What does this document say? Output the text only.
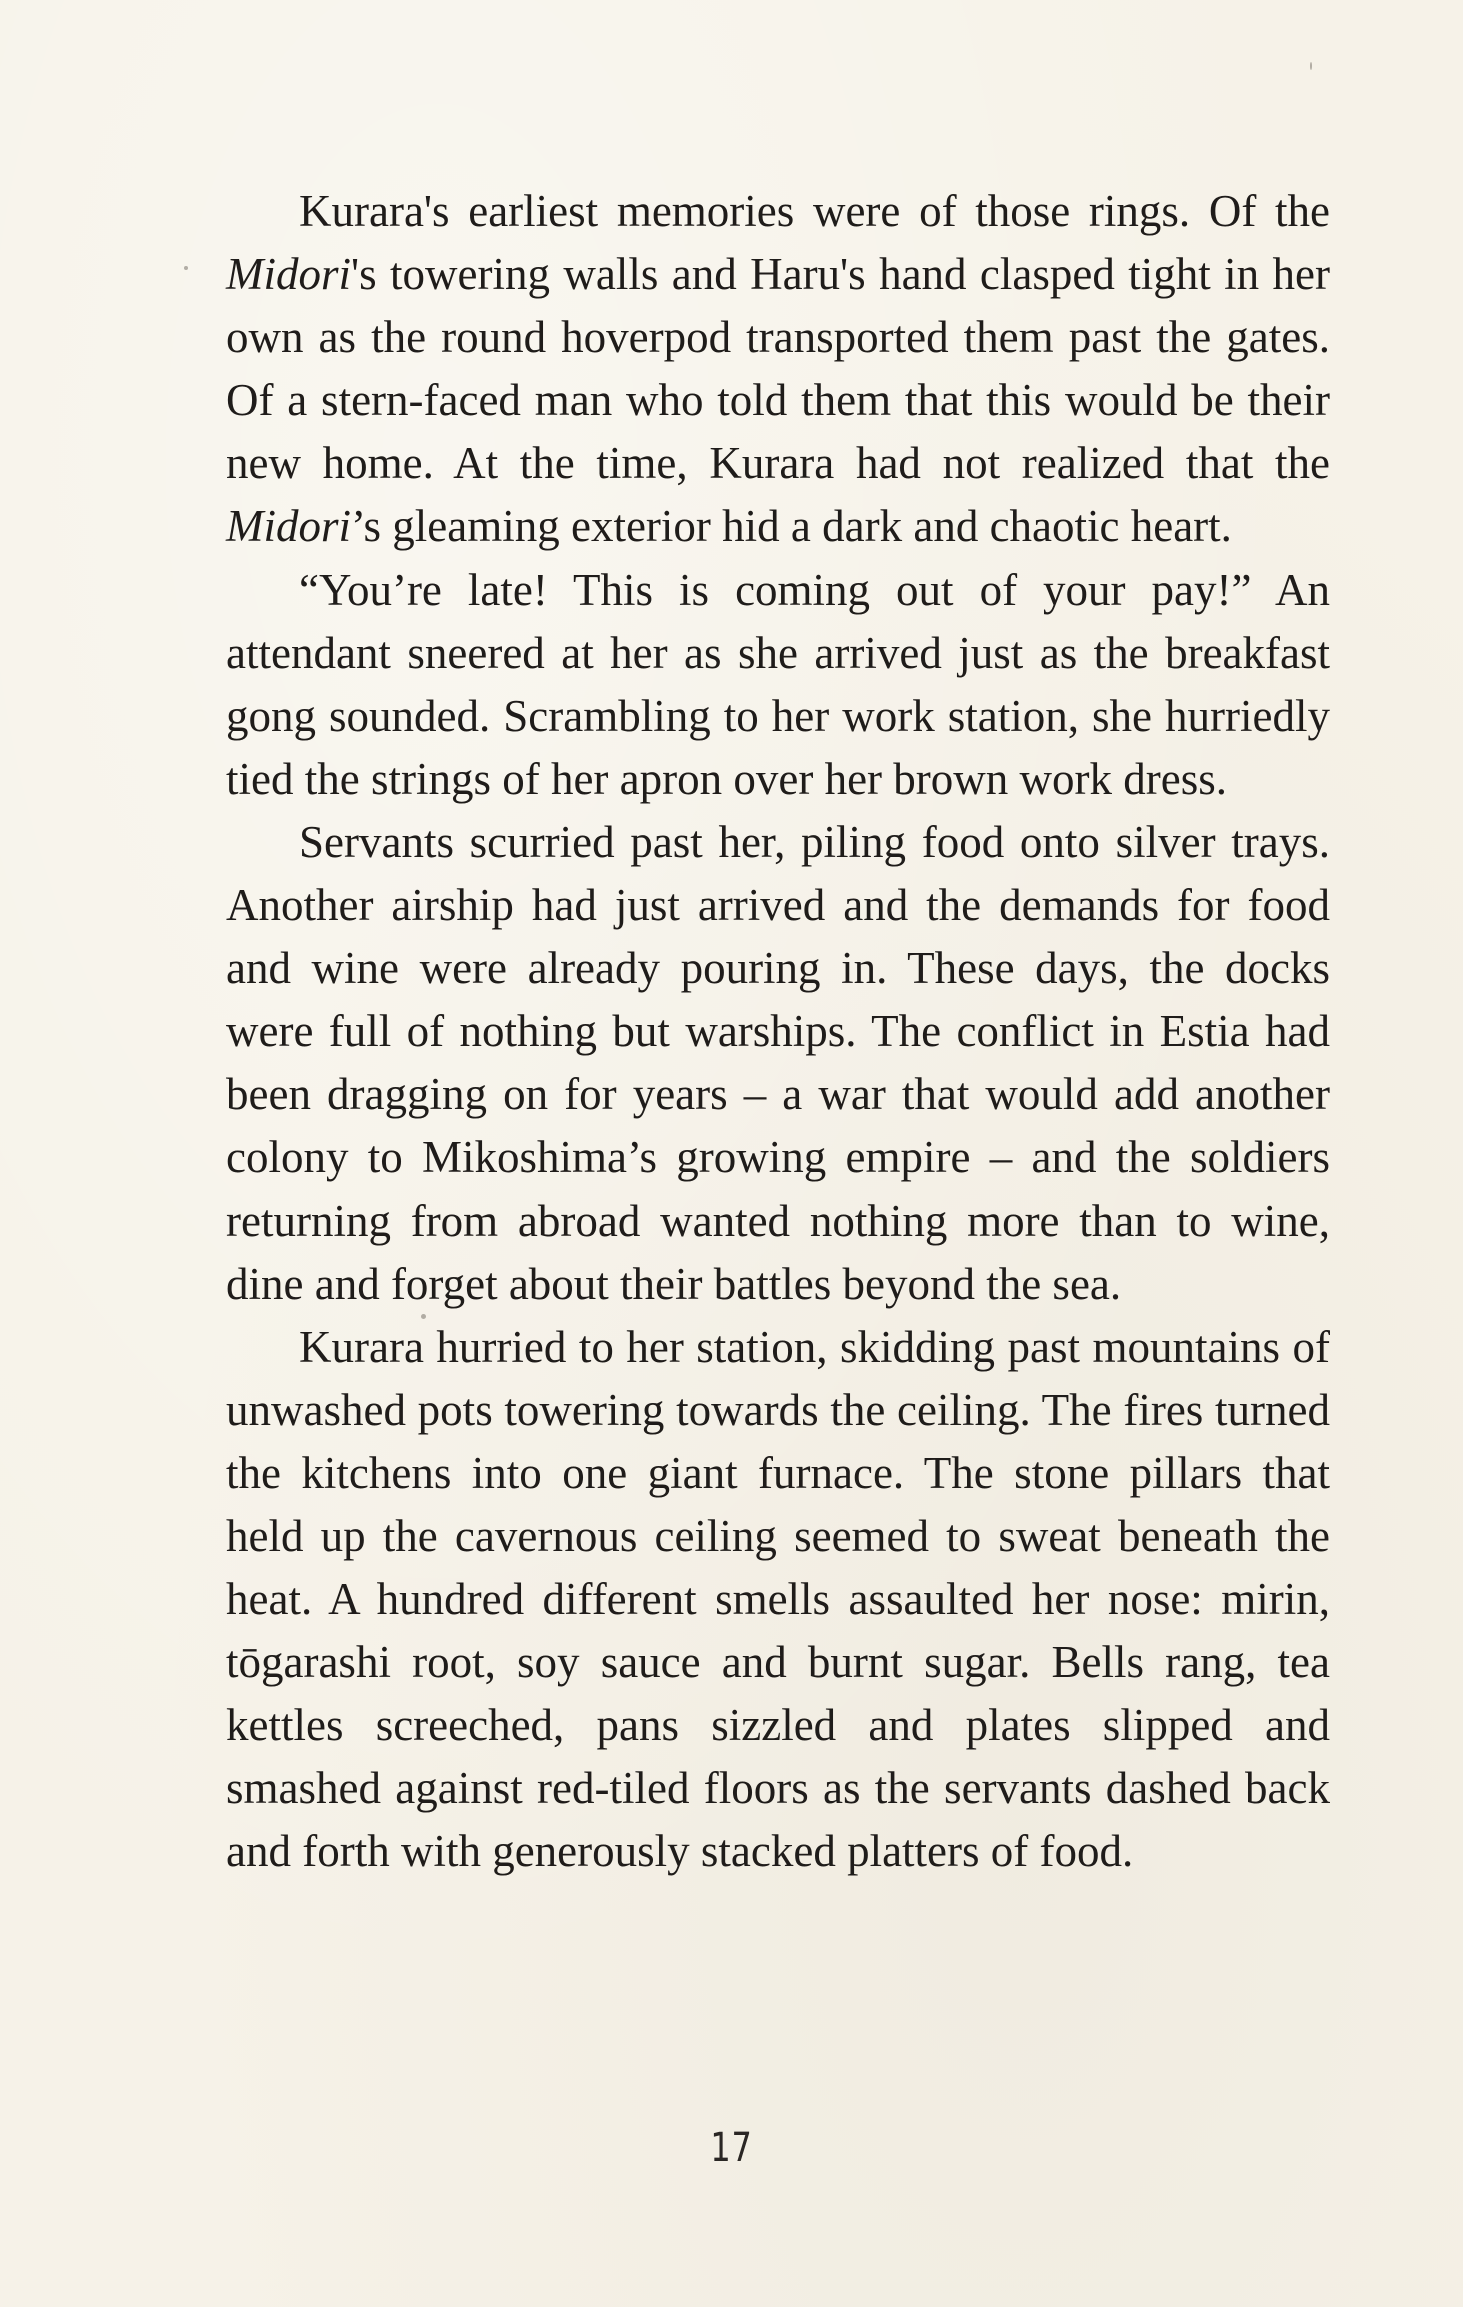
Kurara's earliest memories were of those rings. Of the Midori's towering walls and Haru's hand clasped tight in her own as the round hoverpod transported them past the gates. Of a stern-faced man who told them that this would be their new home. At the time, Kurara had not realized that the Midori’s gleaming exterior hid a dark and chaotic heart.

“You’re late! This is coming out of your pay!” An attendant sneered at her as she arrived just as the breakfast gong sounded. Scrambling to her work station, she hurriedly tied the strings of her apron over her brown work dress.

Servants scurried past her, piling food onto silver trays. Another airship had just arrived and the demands for food and wine were already pouring in. These days, the docks were full of nothing but warships. The conflict in Estia had been dragging on for years – a war that would add another colony to Mikoshima’s growing empire – and the soldiers returning from abroad wanted nothing more than to wine, dine and forget about their battles beyond the sea.

Kurara hurried to her station, skidding past mountains of unwashed pots towering towards the ceiling. The fires turned the kitchens into one giant furnace. The stone pillars that held up the cavernous ceiling seemed to sweat beneath the heat. A hundred different smells assaulted her nose: mirin, tōgarashi root, soy sauce and burnt sugar. Bells rang, tea kettles screeched, pans sizzled and plates slipped and smashed against red-tiled floors as the servants dashed back and forth with generously stacked platters of food.

17
